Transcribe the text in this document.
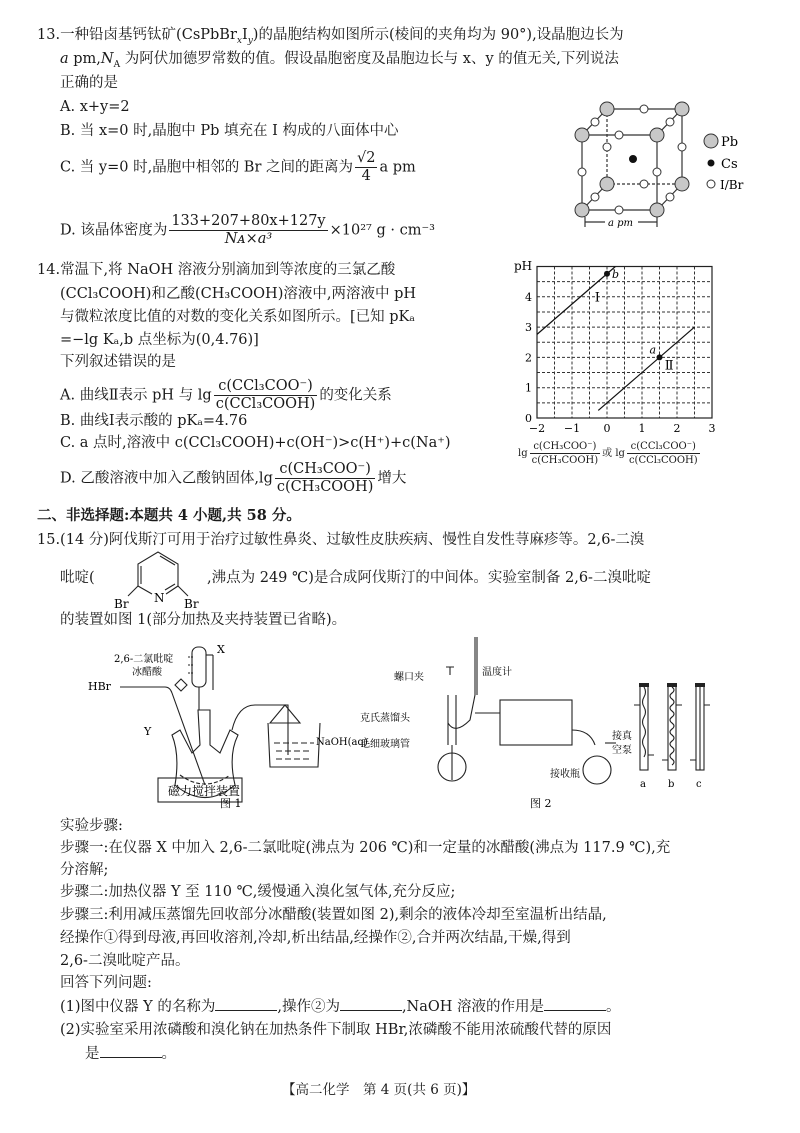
13.一种铅卤基钙钛矿$(CsPbBr_xI_y)$的晶胞结构如图所示(棱间的夹角均为 90°),设晶胞边长为
a $pm,N_A$ 为阿伏加德罗常数的值。假设晶胞密度及晶胞边长与 x、y 的值无关,下列说法
正确的是
A. x+y=2
B. 当 x=0 时,晶胞中 Pb 填充在 I 构成的八面体中心
C. 当 y=0 时,晶胞中相邻的 Br 之间的距离为 $\frac{√2}{4}$ a pm
D. 该晶体密度为 $\frac{133+207+80x+127y}{\text{Nᴀ×a³}} \times 10^{27}$ g · cm⁻³
Pb
Cs
I/Br
a pm
14.常温下,将 NaOH 溶液分别滴加到等浓度的三氯乙酸
(CCl₃COOH)和乙酸(CH₃COOH)溶液中,两溶液中 pH
与微粒浓度比值的对数的变化关系如图所示。[已知 pKₐ
=−lg Kₐ,b 点坐标为(0,4.76)]
下列叙述错误的是
A. 曲线Ⅱ表示 pH 与 $\lg \frac{\text{c(CCl₃COO⁻)}}{\text{c(CCl₃COOH)}}$ 的变化关系
B. 曲线Ⅰ表示酸的 pKₐ=4.76
C. a 点时,溶液中 c(CCl₃COOH)+c(OH⁻)>c(H⁺)+c(Na⁺)
D. 乙酸溶液中加入乙酸钠固体$,\lg \frac{\text{c(CH₃COO⁻)}}{\text{c(CH₃COOH)}}$ 增大
−2 −1 0	1	2	3
0
1
2
3
4	Ⅰ
Ⅱ
b
a
pH
$\lg \frac{\text{c(CH₃COO⁻)}}{\text{c(CH₃COOH)}}$ 或 $\lg \frac{\text{c(CCl₃COO⁻)}}{\text{c(CCl₃COOH)}}$
二、非选择题:本题共 4 小题,共 58 分。
15.(14 分)阿伐斯汀可用于治疗过敏性鼻炎、过敏性皮肤疾病、慢性自发性荨麻疹等。2,6-二溴
吡啶(
Br N Br
,沸点为 249 ℃)是合成阿伐斯汀的中间体。实验室制备 2,6-二溴吡啶
的装置如图 1(部分加热及夹持装置已省略)。
2,6-二氯吡啶
冰醋酸
X
HBr
Y
NaOH(aq)
磁力搅拌装置
图 1
螺口夹	温度计
克氏蒸馏头
毛细玻璃管
接真
空泵
接收瓶
a b c
图 2
实验步骤:
步骤一:在仪器 X 中加入 2,6-二氯吡啶(沸点为 206 ℃)和一定量的冰醋酸(沸点为 117.9 ℃),充
分溶解;
步骤二:加热仪器 Y 至 110 ℃,缓慢通入溴化氢气体,充分反应;
步骤三:利用减压蒸馏先回收部分冰醋酸(装置如图 2),剩余的液体冷却至室温析出结晶,
经操作①得到母液,再回收溶剂,冷却,析出结晶,经操作②,合并两次结晶,干燥,得到
2,6-二溴吡啶产品。
回答下列问题:
(1)图中仪器 Y 的名称为	,操作②为	,NaOH 溶液的作用是	。
(2)实验室采用浓磷酸和溴化钠在加热条件下制取 HBr,浓磷酸不能用浓硫酸代替的原因
是	。
【高二化学　第 4 页(共 6 页)】
